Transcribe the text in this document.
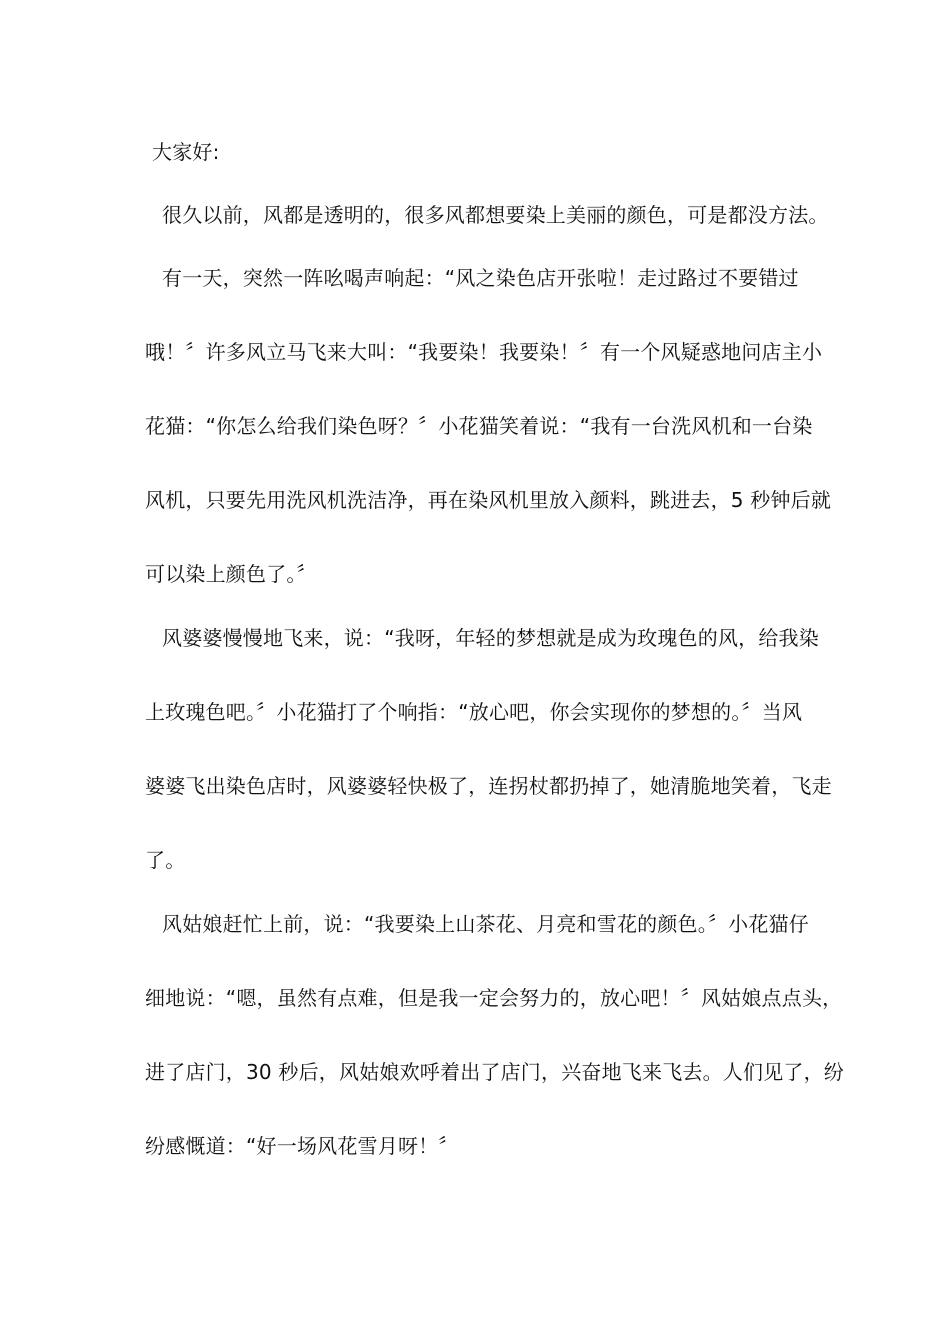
大家好:
很久以前，风都是透明的，很多风都想要染上美丽的颜色，可是都没方法。
有一天，突然一阵吆喝声响起：“风之染色店开张啦！走过路过不要错过
哦！〞许多风立马飞来大叫：“我要染！我要染！〞有一个风疑惑地问店主小
花猫：“你怎么给我们染色呀？〞小花猫笑着说：“我有一台洗风机和一台染
风机，只要先用洗风机洗洁净，再在染风机里放入颜料，跳进去，5 秒钟后就
可以染上颜色了。〞
风婆婆慢慢地飞来，说：“我呀，年轻的梦想就是成为玫瑰色的风，给我染
上玫瑰色吧。〞小花猫打了个响指：“放心吧，你会实现你的梦想的。〞当风
婆婆飞出染色店时，风婆婆轻快极了，连拐杖都扔掉了，她清脆地笑着，飞走
了。
风姑娘赶忙上前，说：“我要染上山茶花、月亮和雪花的颜色。〞小花猫仔
细地说：“嗯，虽然有点难，但是我一定会努力的，放心吧！〞风姑娘点点头，
进了店门，30 秒后，风姑娘欢呼着出了店门，兴奋地飞来飞去。人们见了，纷
纷感慨道：“好一场风花雪月呀！〞
